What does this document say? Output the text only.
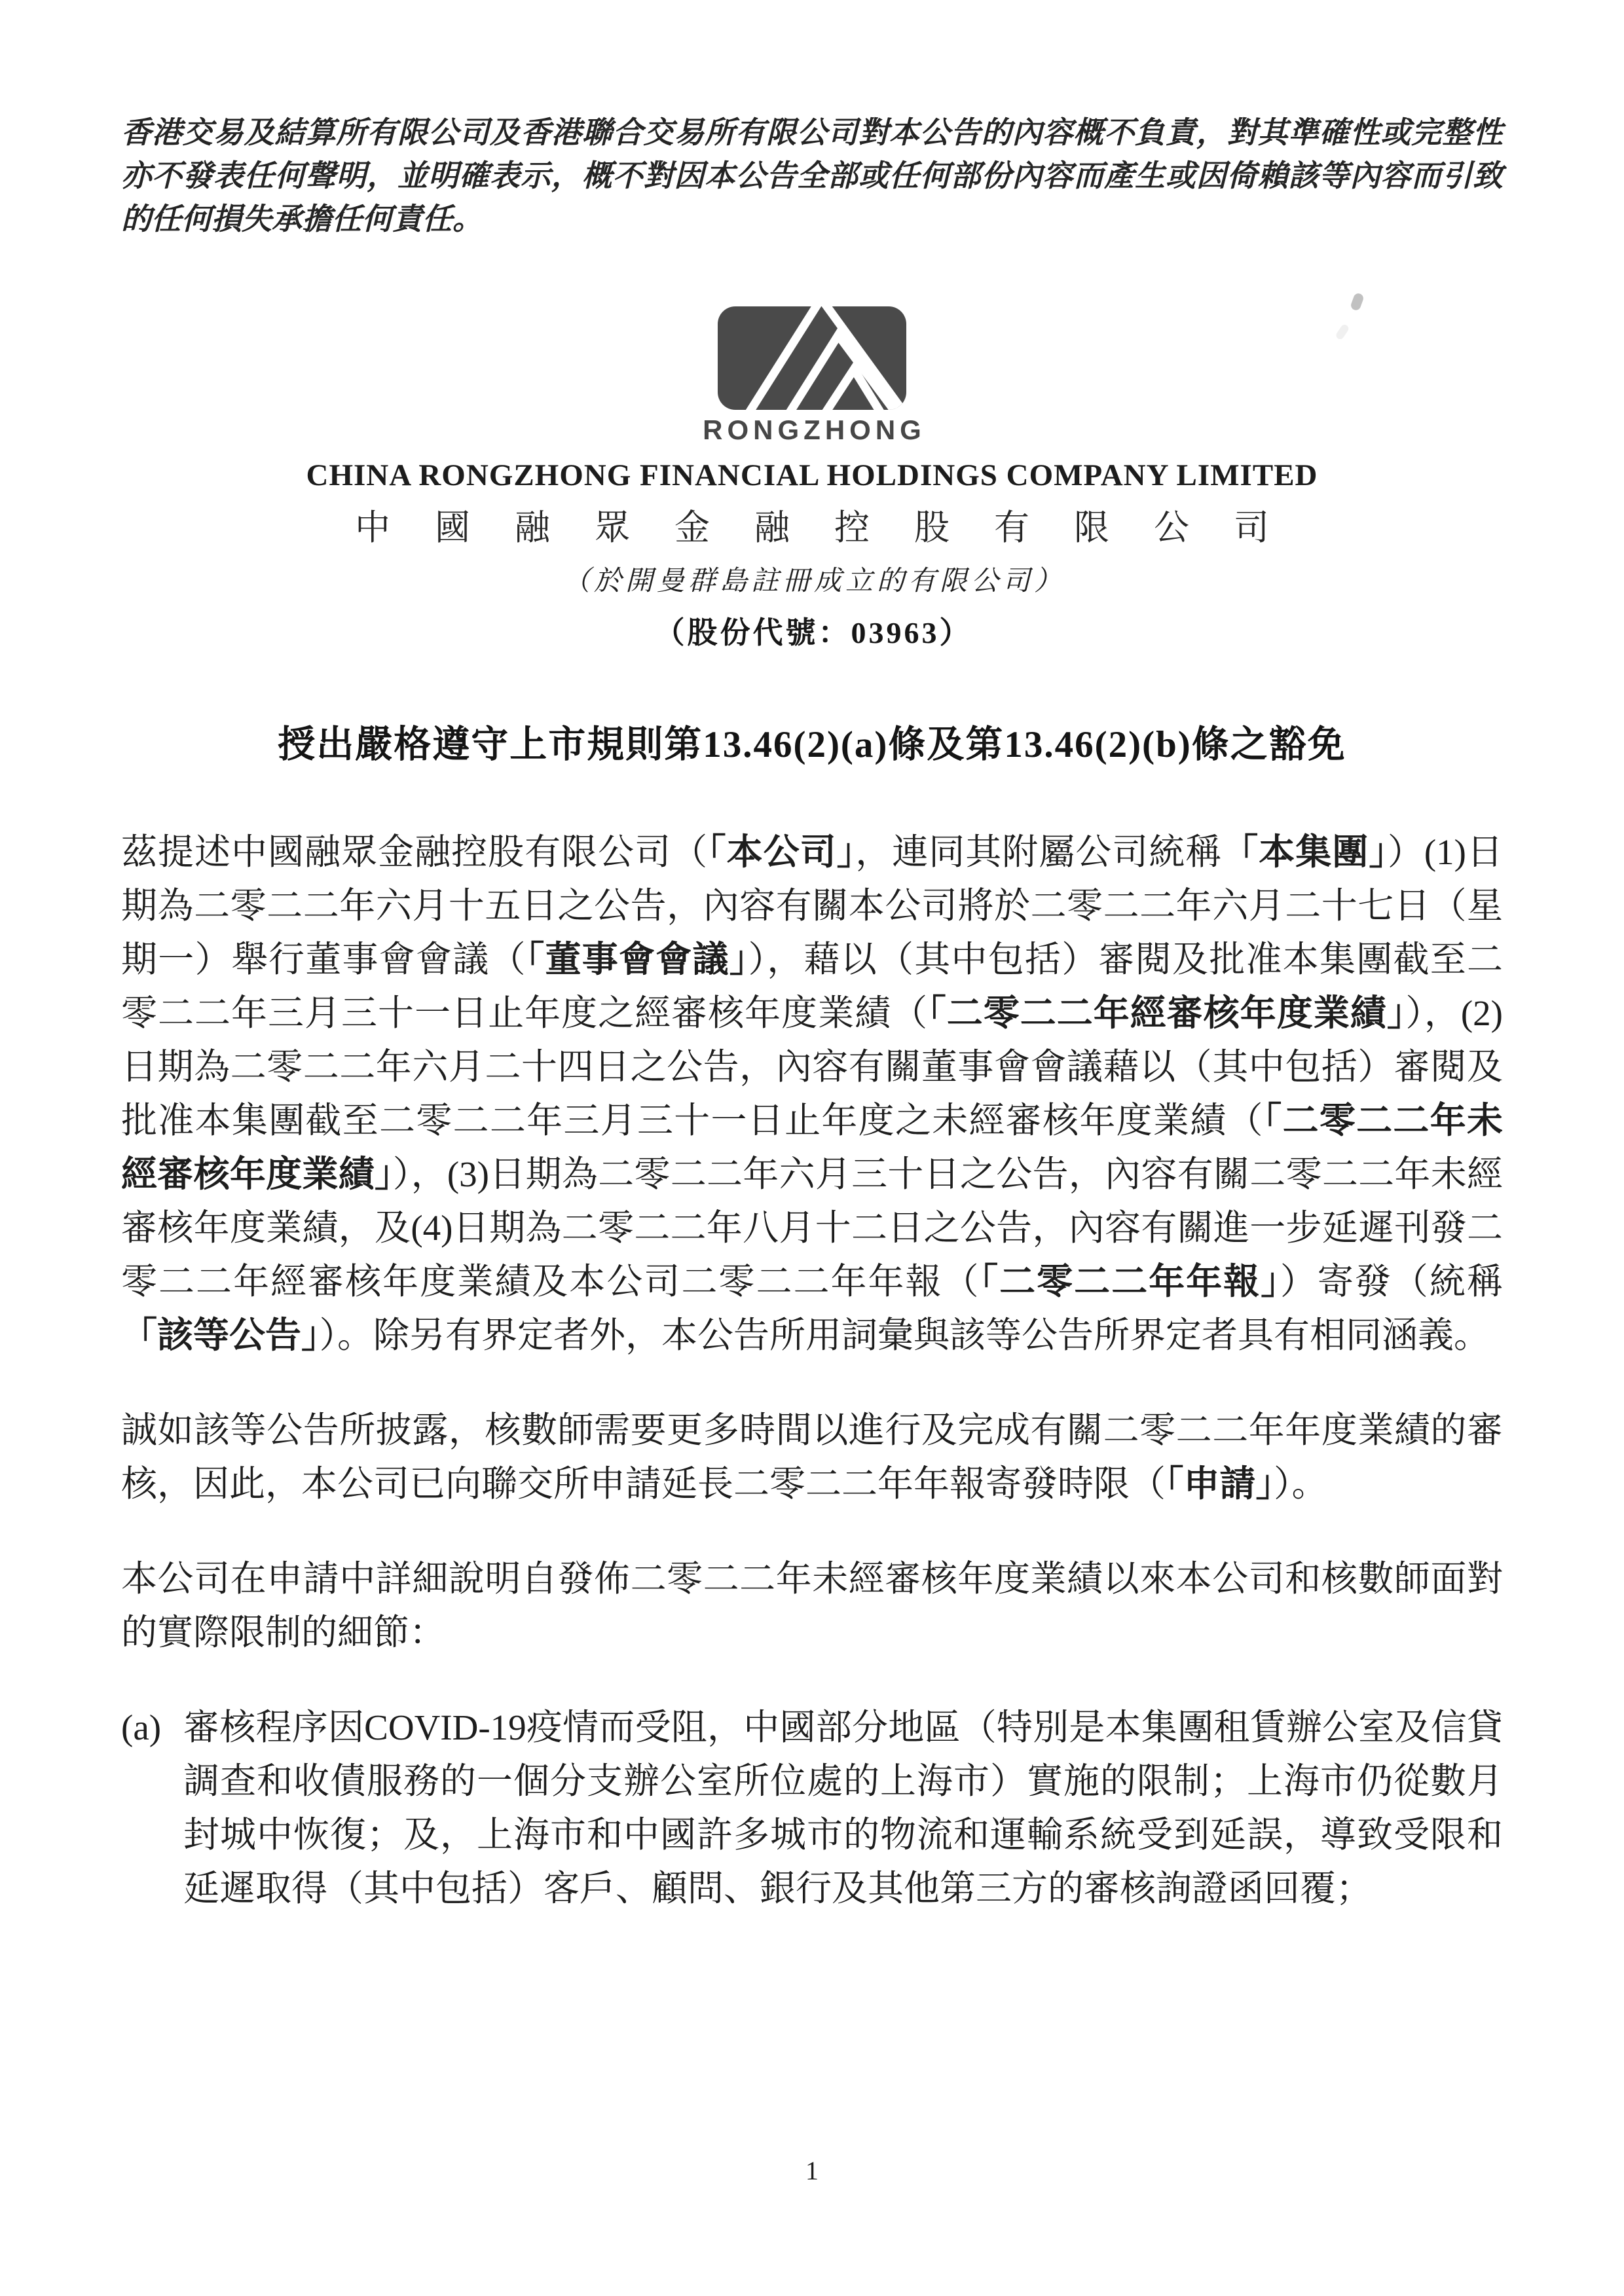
香港交易及結算所有限公司及香港聯合交易所有限公司對本公告的內容概不負責，對其準確性或完整性亦不發表任何聲明，並明確表示，概不對因本公告全部或任何部份內容而產生或因倚賴該等內容而引致的任何損失承擔任何責任。

RONGZHONG
CHINA RONGZHONG FINANCIAL HOLDINGS COMPANY LIMITED
中國融眾金融控股有限公司
（於開曼群島註冊成立的有限公司）
（股份代號：03963）
授出嚴格遵守上市規則第13.46(2)(a)條及第13.46(2)(b)條之豁免

茲提述中國融眾金融控股有限公司（「本公司」，連同其附屬公司統稱「本集團」）(1)日期為二零二二年六月十五日之公告，內容有關本公司將於二零二二年六月二十七日（星期一）舉行董事會會議（「董事會會議」），藉以（其中包括）審閱及批准本集團截至二零二二年三月三十一日止年度之經審核年度業績（「二零二二年經審核年度業績」），(2)日期為二零二二年六月二十四日之公告，內容有關董事會會議藉以（其中包括）審閱及批准本集團截至二零二二年三月三十一日止年度之未經審核年度業績（「二零二二年未經審核年度業績」），(3)日期為二零二二年六月三十日之公告，內容有關二零二二年未經審核年度業績，及(4)日期為二零二二年八月十二日之公告，內容有關進一步延遲刊發二零二二年經審核年度業績及本公司二零二二年年報（「二零二二年年報」）寄發（統稱「該等公告」）。除另有界定者外，本公告所用詞彙與該等公告所界定者具有相同涵義。

誠如該等公告所披露，核數師需要更多時間以進行及完成有關二零二二年年度業績的審核，因此，本公司已向聯交所申請延長二零二二年年報寄發時限（「申請」）。

本公司在申請中詳細說明自發佈二零二二年未經審核年度業績以來本公司和核數師面對的實際限制的細節：

(a) 審核程序因COVID-19疫情而受阻，中國部分地區（特別是本集團租賃辦公室及信貸調查和收債服務的一個分支辦公室所位處的上海市）實施的限制；上海市仍從數月封城中恢復；及，上海市和中國許多城市的物流和運輸系統受到延誤，導致受限和延遲取得（其中包括）客戶、顧問、銀行及其他第三方的審核詢證函回覆；

1
